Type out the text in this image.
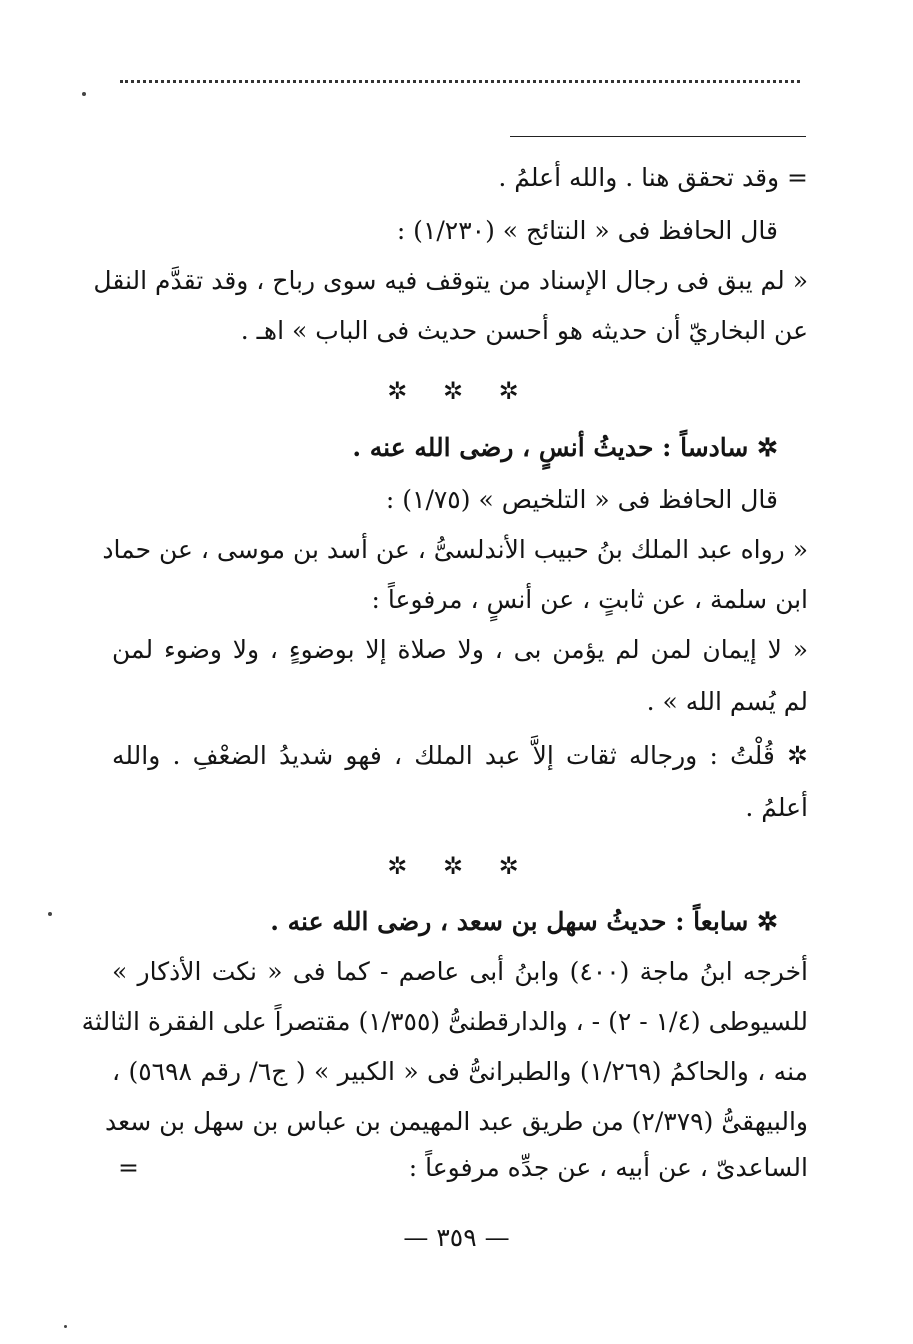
= وقد تحقق هنا . والله أعلمُ .
قال الحافظ فى « النتائج » (١/٢٣٠) :
« لم يبق فى رجال الإسناد من يتوقف فيه سوى رباح ، وقد تقدَّم النقل
عن البخاريّ أن حديثه هو أحسن حديث فى الباب » اهـ .
✲ ✲ ✲
✲ سادساً : حديثُ أنسٍ ، رضى الله عنه .
قال الحافظ فى « التلخيص » (١/٧٥) :
« رواه عبد الملك بنُ حبيب الأندلسىُّ ، عن أسد بن موسى ، عن حماد
ابن سلمة ، عن ثابتٍ ، عن أنسٍ ، مرفوعاً :
« لا إيمان لمن لم يؤمن بى ، ولا صلاة إلا بوضوءٍ ، ولا وضوء لمن
لم يُسم الله » .
✲ قُلْتُ : ورجاله ثقات إلاَّ عبد الملك ، فهو شديدُ الضعْفِ . والله
أعلمُ .
✲ ✲ ✲
✲ سابعاً : حديثُ سهل بن سعد ، رضى الله عنه .
أخرجه ابنُ ماجة (٤٠٠) وابنُ أبى عاصم - كما فى « نكت الأذكار »
للسيوطى (١/٤ - ٢) - ، والدارقطنىُّ (١/٣٥٥) مقتصراً على الفقرة الثالثة
منه ، والحاكمُ (١/٢٦٩) والطبرانىُّ فى « الكبير » ( ج٦/ رقم ٥٦٩٨) ،
والبيهقىُّ (٢/٣٧٩) من طريق عبد المهيمن بن عباس بن سهل بن سعد
الساعدىّ ، عن أبيه ، عن جدِّه مرفوعاً :
=
— ٣٥٩ —
